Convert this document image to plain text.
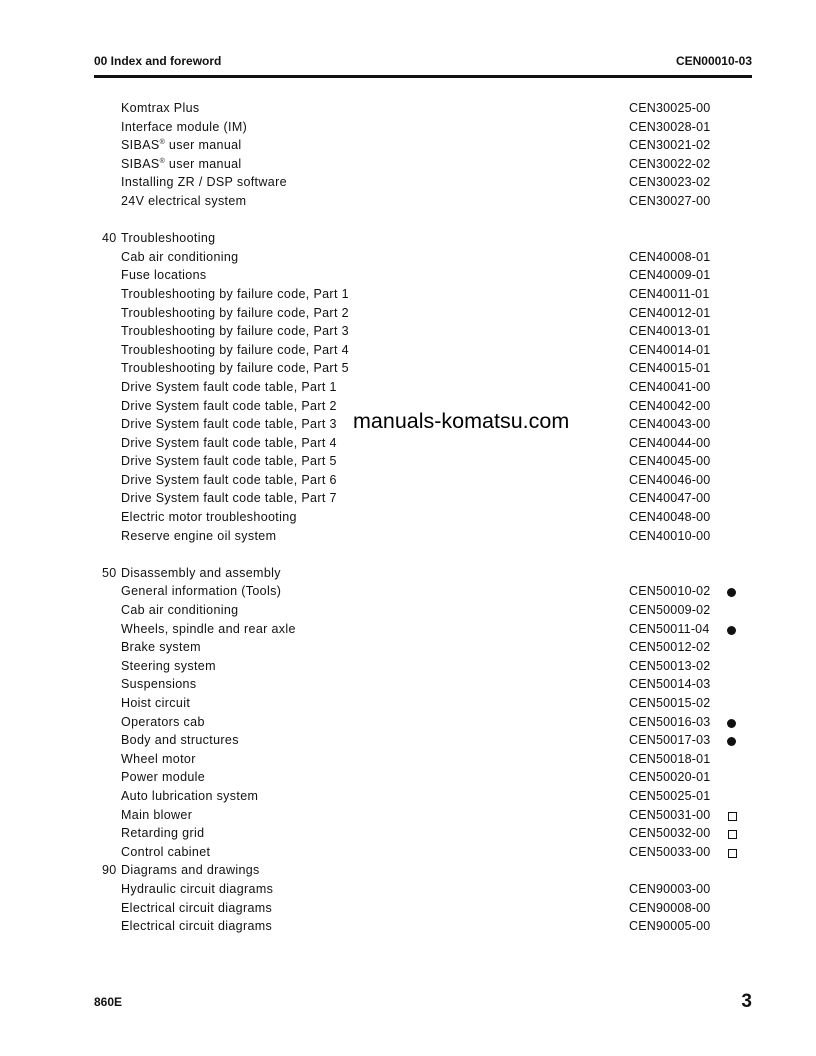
00 Index and foreword	CEN00010-03
Komtrax Plus	CEN30025-00
Interface module (IM)	CEN30028-01
SIBAS® user manual	CEN30021-02
SIBAS® user manual	CEN30022-02
Installing ZR / DSP software	CEN30023-02
24V electrical system	CEN30027-00
40 Troubleshooting
Cab air conditioning	CEN40008-01
Fuse locations	CEN40009-01
Troubleshooting by failure code, Part 1	CEN40011-01
Troubleshooting by failure code, Part 2	CEN40012-01
Troubleshooting by failure code, Part 3	CEN40013-01
Troubleshooting by failure code, Part 4	CEN40014-01
Troubleshooting by failure code, Part 5	CEN40015-01
Drive System fault code table, Part 1	CEN40041-00
Drive System fault code table, Part 2	CEN40042-00
Drive System fault code table, Part 3	CEN40043-00
Drive System fault code table, Part 4	CEN40044-00
Drive System fault code table, Part 5	CEN40045-00
Drive System fault code table, Part 6	CEN40046-00
Drive System fault code table, Part 7	CEN40047-00
Electric motor troubleshooting	CEN40048-00
Reserve engine oil system	CEN40010-00
50 Disassembly and assembly
General information (Tools)	CEN50010-02
Cab air conditioning	CEN50009-02
Wheels, spindle and rear axle	CEN50011-04
Brake system	CEN50012-02
Steering system	CEN50013-02
Suspensions	CEN50014-03
Hoist circuit	CEN50015-02
Operators cab	CEN50016-03
Body and structures	CEN50017-03
Wheel motor	CEN50018-01
Power module	CEN50020-01
Auto lubrication system	CEN50025-01
Main blower	CEN50031-00
Retarding grid	CEN50032-00
Control cabinet	CEN50033-00
90 Diagrams and drawings
Hydraulic circuit diagrams	CEN90003-00
Electrical circuit diagrams	CEN90008-00
Electrical circuit diagrams	CEN90005-00
manuals-komatsu.com
860E	3
